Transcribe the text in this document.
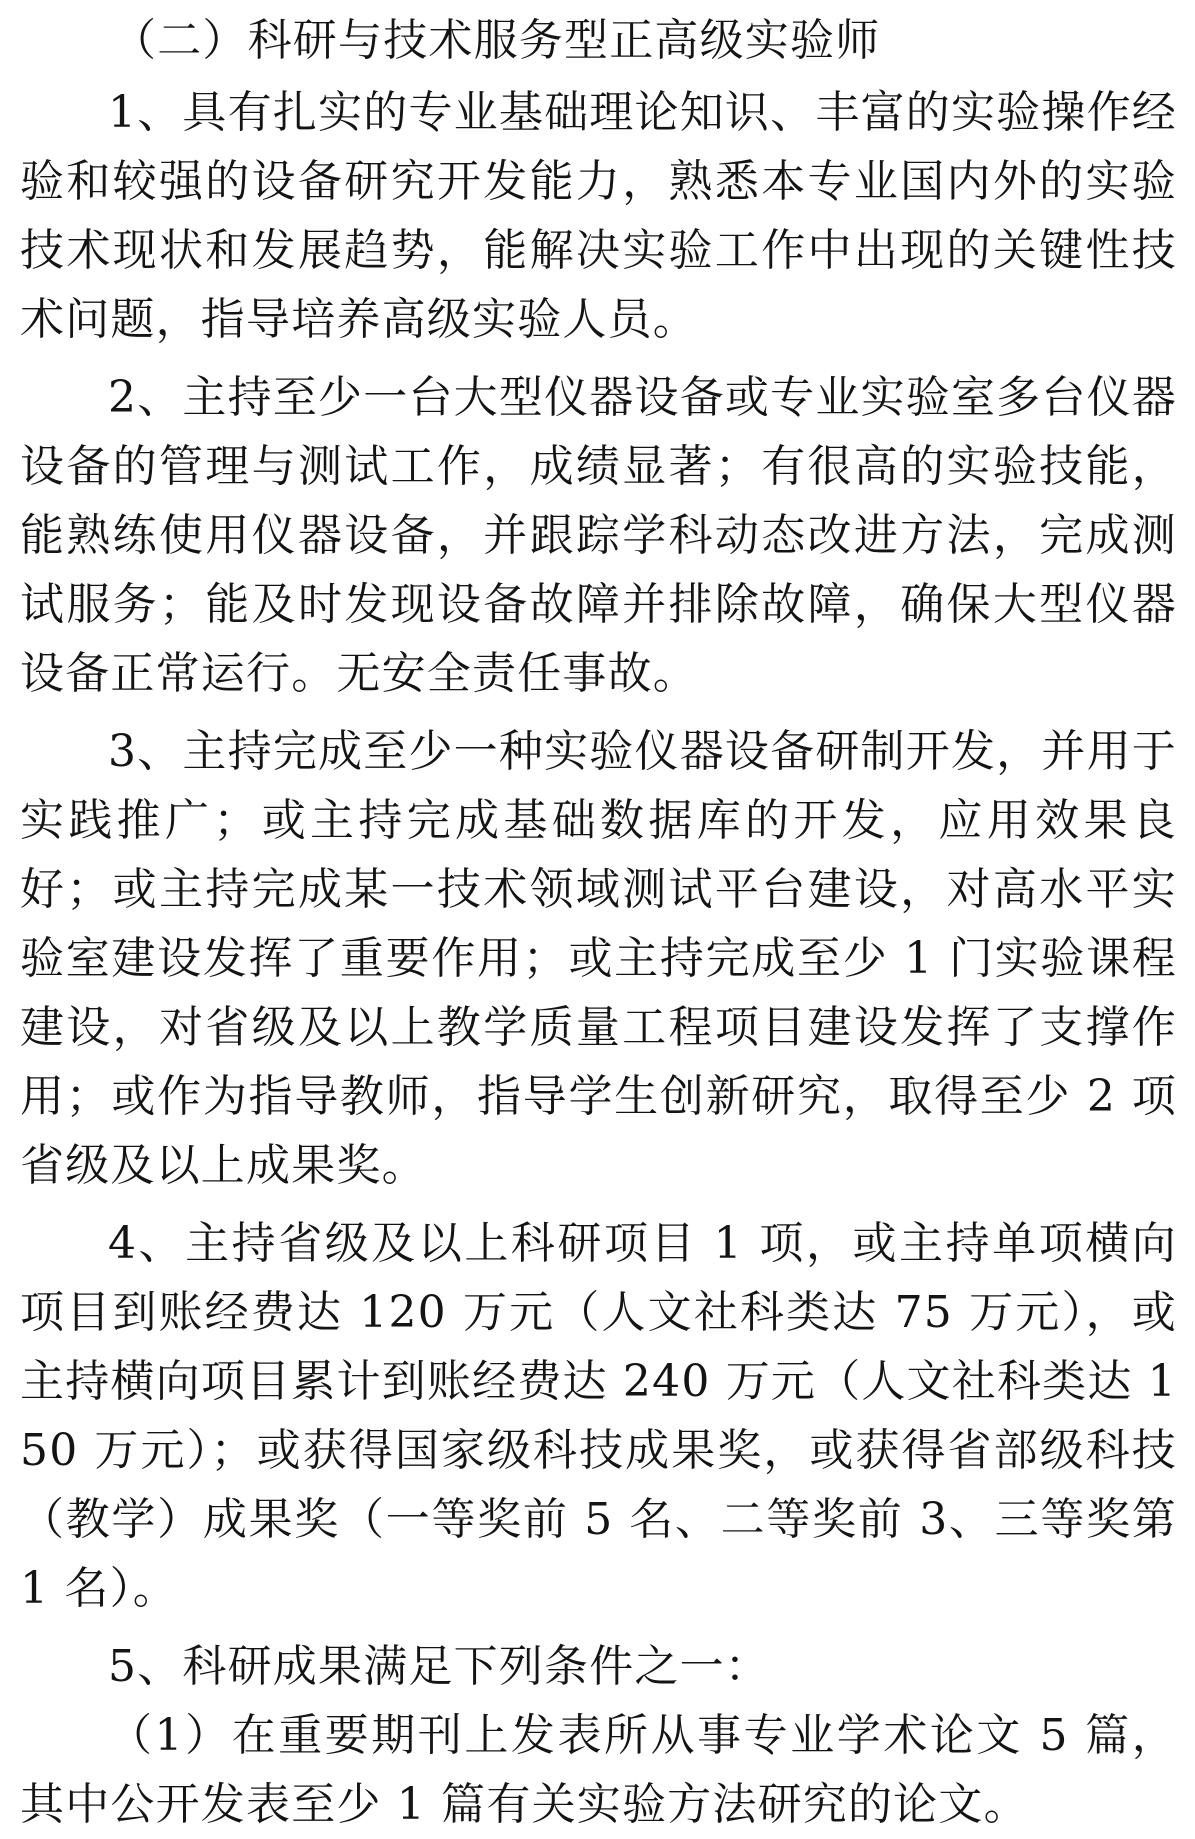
（二）科研与技术服务型正高级实验师

1、具有扎实的专业基础理论知识、丰富的实验操作经验和较强的设备研究开发能力，熟悉本专业国内外的实验技术现状和发展趋势，能解决实验工作中出现的关键性技术问题，指导培养高级实验人员。

2、主持至少一台大型仪器设备或专业实验室多台仪器设备的管理与测试工作，成绩显著；有很高的实验技能，能熟练使用仪器设备，并跟踪学科动态改进方法，完成测试服务；能及时发现设备故障并排除故障，确保大型仪器设备正常运行。无安全责任事故。

3、主持完成至少一种实验仪器设备研制开发，并用于实践推广；或主持完成基础数据库的开发，应用效果良好；或主持完成某一技术领域测试平台建设，对高水平实验室建设发挥了重要作用；或主持完成至少 1 门实验课程建设，对省级及以上教学质量工程项目建设发挥了支撑作用；或作为指导教师，指导学生创新研究，取得至少 2 项省级及以上成果奖。

4、主持省级及以上科研项目 1 项，或主持单项横向项目到账经费达 120 万元（人文社科类达 75 万元），或主持横向项目累计到账经费达 240 万元（人文社科类达 150 万元）；或获得国家级科技成果奖，或获得省部级科技（教学）成果奖（一等奖前 5 名、二等奖前 3、三等奖第 1 名）。

5、科研成果满足下列条件之一：

（1）在重要期刊上发表所从事专业学术论文 5 篇，其中公开发表至少 1 篇有关实验方法研究的论文。
